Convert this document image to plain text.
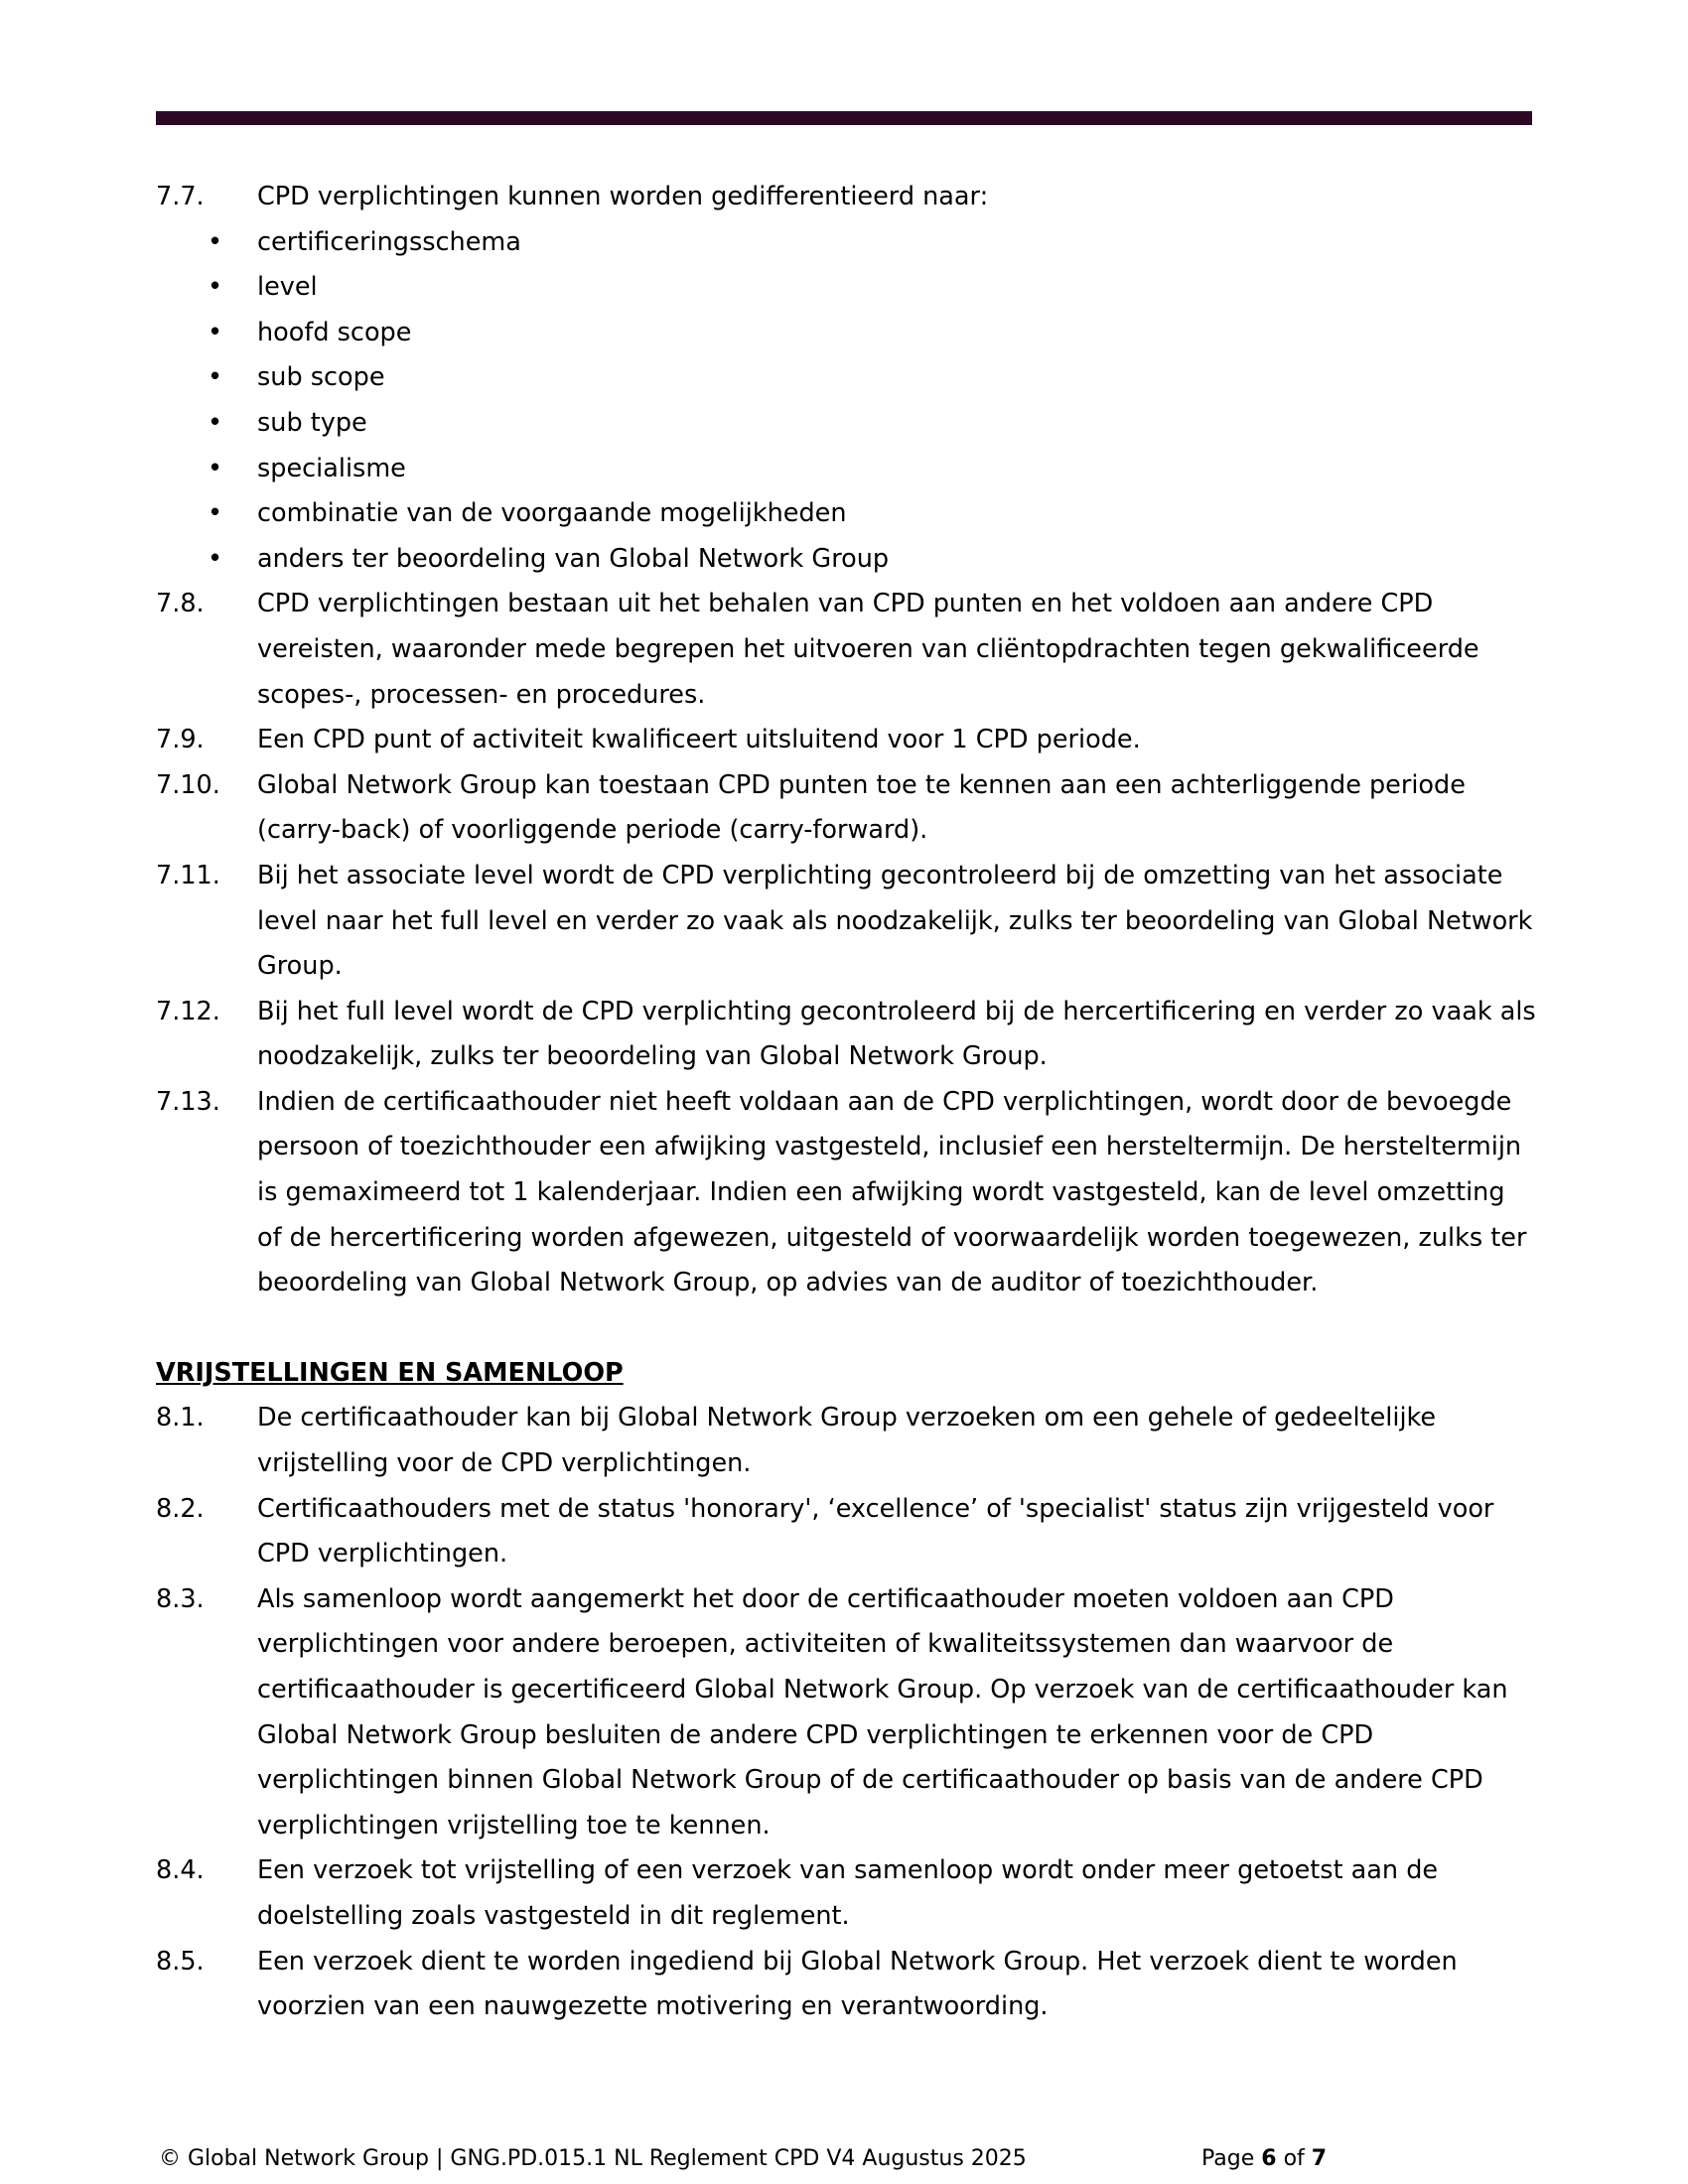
7.7. CPD verplichtingen kunnen worden gedifferentieerd naar:
• certificeringsschema
• level
• hoofd scope
• sub scope
• sub type
• specialisme
• combinatie van de voorgaande mogelijkheden
• anders ter beoordeling van Global Network Group
7.8. CPD verplichtingen bestaan uit het behalen van CPD punten en het voldoen aan andere CPD vereisten, waaronder mede begrepen het uitvoeren van cliëntopdrachten tegen gekwalificeerde scopes-, processen- en procedures.
7.9. Een CPD punt of activiteit kwalificeert uitsluitend voor 1 CPD periode.
7.10. Global Network Group kan toestaan CPD punten toe te kennen aan een achterliggende periode (carry-back) of voorliggende periode (carry-forward).
7.11. Bij het associate level wordt de CPD verplichting gecontroleerd bij de omzetting van het associate level naar het full level en verder zo vaak als noodzakelijk, zulks ter beoordeling van Global Network Group.
7.12. Bij het full level wordt de CPD verplichting gecontroleerd bij de hercertificering en verder zo vaak als noodzakelijk, zulks ter beoordeling van Global Network Group.
7.13. Indien de certificaathouder niet heeft voldaan aan de CPD verplichtingen, wordt door de bevoegde persoon of toezichthouder een afwijking vastgesteld, inclusief een hersteltermijn. De hersteltermijn is gemaximeerd tot 1 kalenderjaar. Indien een afwijking wordt vastgesteld, kan de level omzetting of de hercertificering worden afgewezen, uitgesteld of voorwaardelijk worden toegewezen, zulks ter beoordeling van Global Network Group, op advies van de auditor of toezichthouder.
VRIJSTELLINGEN EN SAMENLOOP
8.1. De certificaathouder kan bij Global Network Group verzoeken om een gehele of gedeeltelijke vrijstelling voor de CPD verplichtingen.
8.2. Certificaathouders met de status 'honorary', ‘excellence’ of 'specialist' status zijn vrijgesteld voor CPD verplichtingen.
8.3. Als samenloop wordt aangemerkt het door de certificaathouder moeten voldoen aan CPD verplichtingen voor andere beroepen, activiteiten of kwaliteitssystemen dan waarvoor de certificaathouder is gecertificeerd Global Network Group. Op verzoek van de certificaathouder kan Global Network Group besluiten de andere CPD verplichtingen te erkennen voor de CPD verplichtingen binnen Global Network Group of de certificaathouder op basis van de andere CPD verplichtingen vrijstelling toe te kennen.
8.4. Een verzoek tot vrijstelling of een verzoek van samenloop wordt onder meer getoetst aan de doelstelling zoals vastgesteld in dit reglement.
8.5. Een verzoek dient te worden ingediend bij Global Network Group. Het verzoek dient te worden voorzien van een nauwgezette motivering en verantwoording.
© Global Network Group | GNG.PD.015.1 NL Reglement CPD V4 Augustus 2025	Page 6 of 7
